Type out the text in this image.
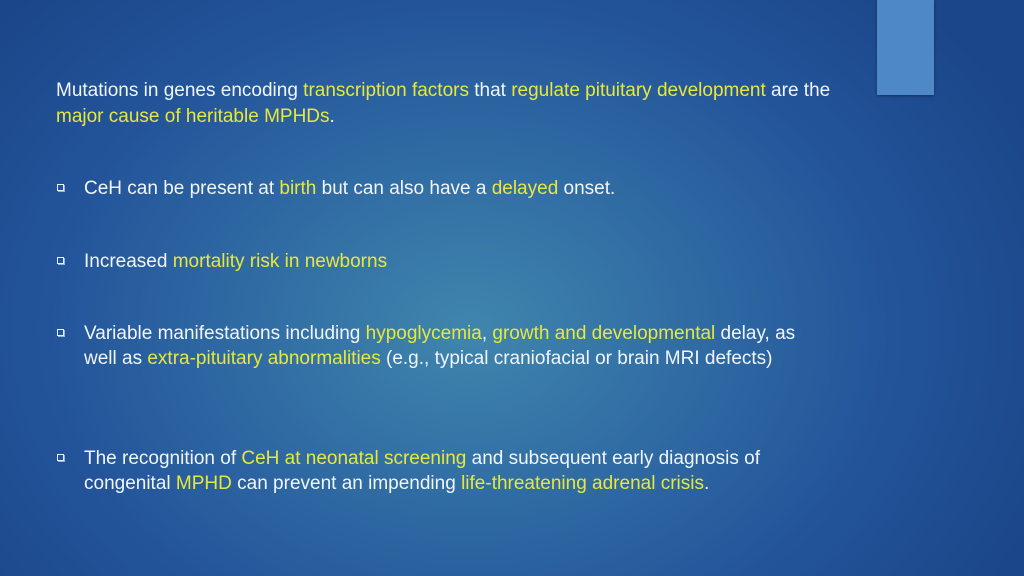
Mutations in genes encoding transcription factors that regulate pituitary development are the major cause of heritable MPHDs.

CeH can be present at birth but can also have a delayed onset.
Increased mortality risk in newborns
Variable manifestations including hypoglycemia, growth and developmental delay, as well as extra-pituitary abnormalities (e.g., typical craniofacial or brain MRI defects)
The recognition of CeH at neonatal screening and subsequent early diagnosis of congenital MPHD can prevent an impending life-threatening adrenal crisis.
